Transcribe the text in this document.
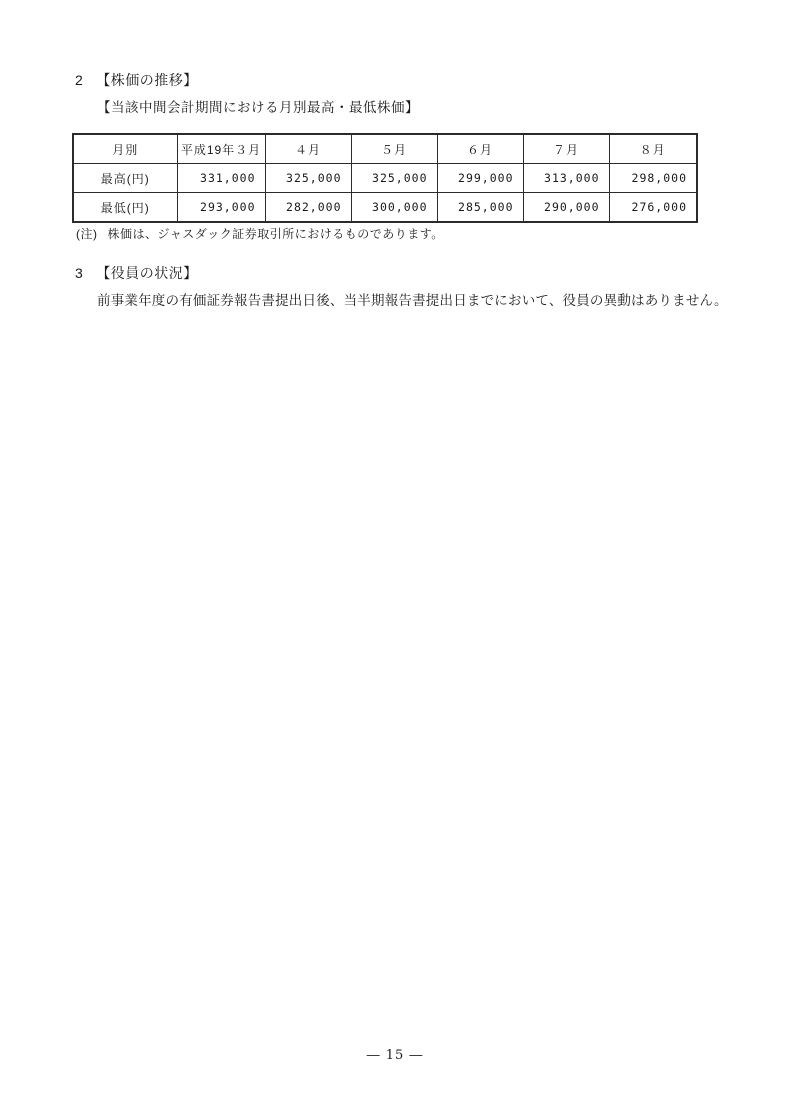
2 【株価の推移】
【当該中間会計期間における月別最高・最低株価】
月別	平成19年３月	４月	５月	６月	７月	８月
最高(円)	331,000	325,000	325,000	299,000	313,000	298,000
最低(円)	293,000	282,000	300,000	285,000	290,000	276,000
(注) 株価は、ジャスダック証券取引所におけるものであります。
3 【役員の状況】
前事業年度の有価証券報告書提出日後、当半期報告書提出日までにおいて、役員の異動はありません。
― 15 ―
